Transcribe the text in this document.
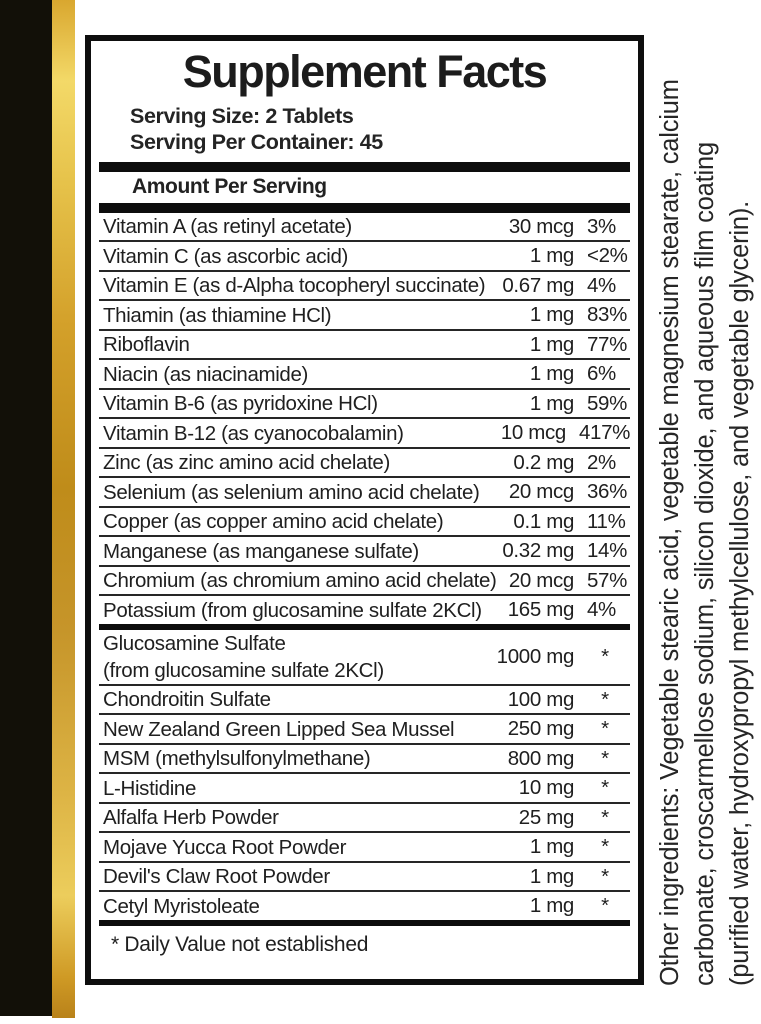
Supplement Facts
Serving Size: 2 Tablets
Serving Per Container: 45
Amount Per Serving
Vitamin A (as retinyl acetate)	30 mcg 3%
Vitamin C (as ascorbic acid)	1 mg <2%
Vitamin E (as d-Alpha tocopheryl succinate) 0.67 mg 4%
Thiamin (as thiamine HCl)	1 mg 83%
Riboflavin	1 mg 77%
Niacin (as niacinamide)	1 mg 6%
Vitamin B-6 (as pyridoxine HCl)	1 mg 59%
Vitamin B-12 (as cyanocobalamin)	10 mcg 417%
Zinc (as zinc amino acid chelate)	0.2 mg 2%
Selenium (as selenium amino acid chelate)	20 mcg 36%
Copper (as copper amino acid chelate)	0.1 mg 11%
Manganese (as manganese sulfate)	0.32 mg 14%
Chromium (as chromium amino acid chelate) 20 mcg 57%
Potassium (from glucosamine sulfate 2KCl)	165 mg 4%
Glucosamine Sulfate
(from glucosamine sulfate 2KCl)
1000 mg	*
Chondroitin Sulfate	100 mg	*
New Zealand Green Lipped Sea Mussel	250 mg	*
MSM (methylsulfonylmethane)	800 mg	*
L-Histidine	10 mg	*
Alfalfa Herb Powder	25 mg	*
Mojave Yucca Root Powder	1 mg	*
Devil's Claw Root Powder	1 mg	*
Cetyl Myristoleate	1 mg	*
* Daily Value not established	Other ingredients: Vegetable stearic acid, vegetable magnesium stearate, calcium carbonate, croscarmellose sodium, silicon dioxide, and aqueous film coating (purified water, hydroxypropyl methylcellulose, and vegetable glycerin).
